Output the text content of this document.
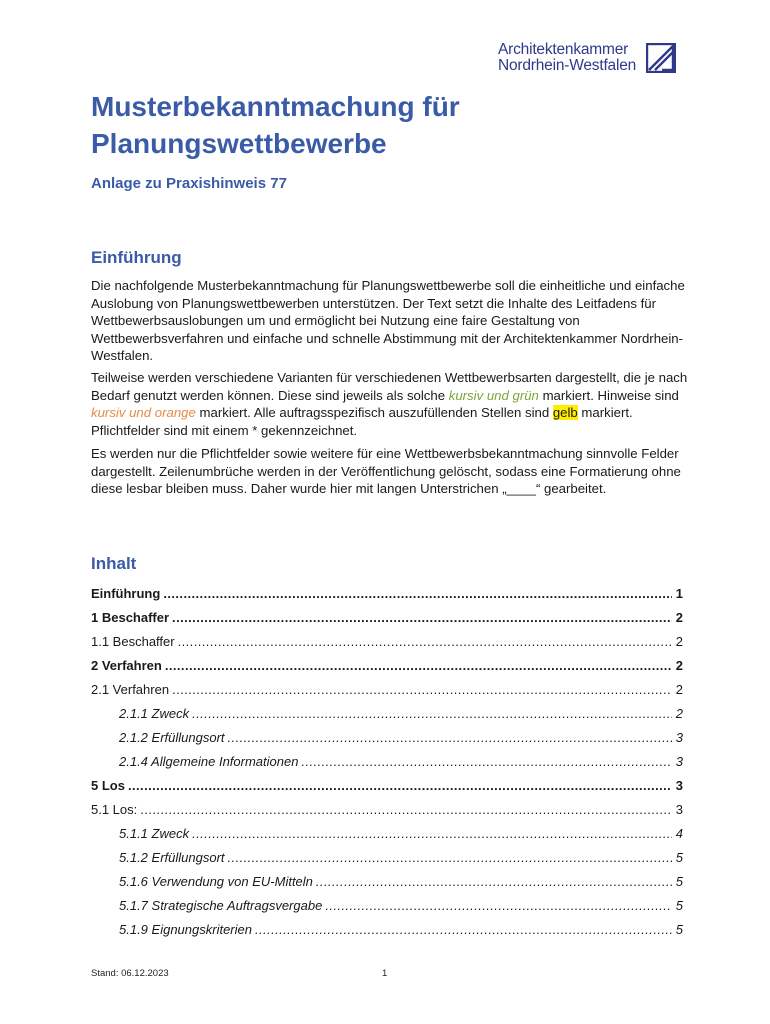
Architektenkammer
Nordrhein-Westfalen
Musterbekanntmachung für Planungswettbewerbe
Anlage zu Praxishinweis 77
Einführung

Die nachfolgende Musterbekanntmachung für Planungswettbewerbe soll die einheitliche und einfache Auslobung von Planungswettbewerben unterstützen. Der Text setzt die Inhalte des Leitfadens für Wettbewerbsauslobungen um und ermöglicht bei Nutzung eine faire Gestaltung von Wettbewerbsverfahren und einfache und schnelle Abstimmung mit der Architektenkammer Nordrhein-Westfalen.

Teilweise werden verschiedene Varianten für verschiedenen Wettbewerbsarten dargestellt, die je nach Bedarf genutzt werden können. Diese sind jeweils als solche kursiv und grün markiert. Hinweise sind kursiv und orange markiert. Alle auftragsspezifisch auszufüllenden Stellen sind gelb markiert. Pflichtfelder sind mit einem * gekennzeichnet.

Es werden nur die Pflichtfelder sowie weitere für eine Wettbewerbsbekanntmachung sinnvolle Felder dargestellt. Zeilenumbrüche werden in der Veröffentlichung gelöscht, sodass eine Formatierung ohne diese lesbar bleiben muss. Daher wurde hier mit langen Unterstrichen „____“ gearbeitet.

Inhalt
Einführung . . .	1
1 Beschaffer . . .	2
1.1 Beschaffer . . .	2
2 Verfahren . . .	2
2.1 Verfahren . . .	2
2.1.1 Zweck . . .	2
2.1.2 Erfüllungsort . . .	3
2.1.4 Allgemeine Informationen . . .	3
5 Los . . .	3
5.1 Los: . . .	3
5.1.1 Zweck . . .	4
5.1.2 Erfüllungsort . . .	5
5.1.6 Verwendung von EU-Mitteln . . .	5
5.1.7 Strategische Auftragsvergabe . . .	5
5.1.9 Eignungskriterien . . .	5
Stand: 06.12.2023	1
